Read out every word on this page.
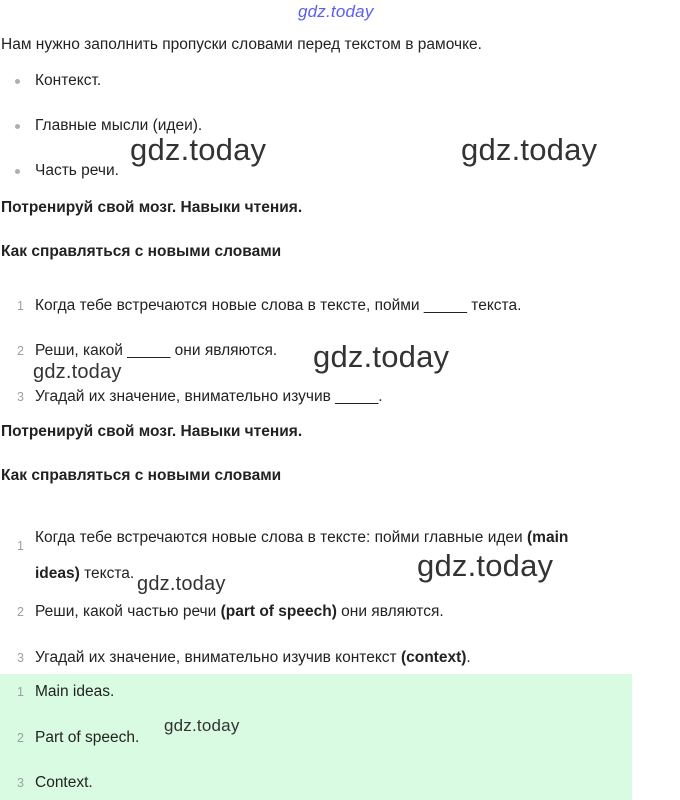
gdz.today

Нам нужно заполнить пропуски словами перед текстом в рамочке.

Контекст.
Главные мысли (идеи).
Часть речи.

Потренируй свой мозг. Навыки чтения.

Как справляться с новыми словами

1 Когда тебе встречаются новые слова в тексте, пойми _____ текста.
2 Реши, какой _____ они являются.
3 Угадай их значение, внимательно изучив _____.

Потренируй свой мозг. Навыки чтения.

Как справляться с новыми словами

1 Когда тебе встречаются новые слова в тексте: пойми главные идеи (main
ideas) текста.
2 Реши, какой частью речи (part of speech) они являются.
3 Угадай их значение, внимательно изучив контекст (context).
1 Main ideas.
2 Part of speech.
3 Context.
gdz.today	gdz.today
gdz.today
gdz.today
gdz.today
gdz.today
gdz.today
